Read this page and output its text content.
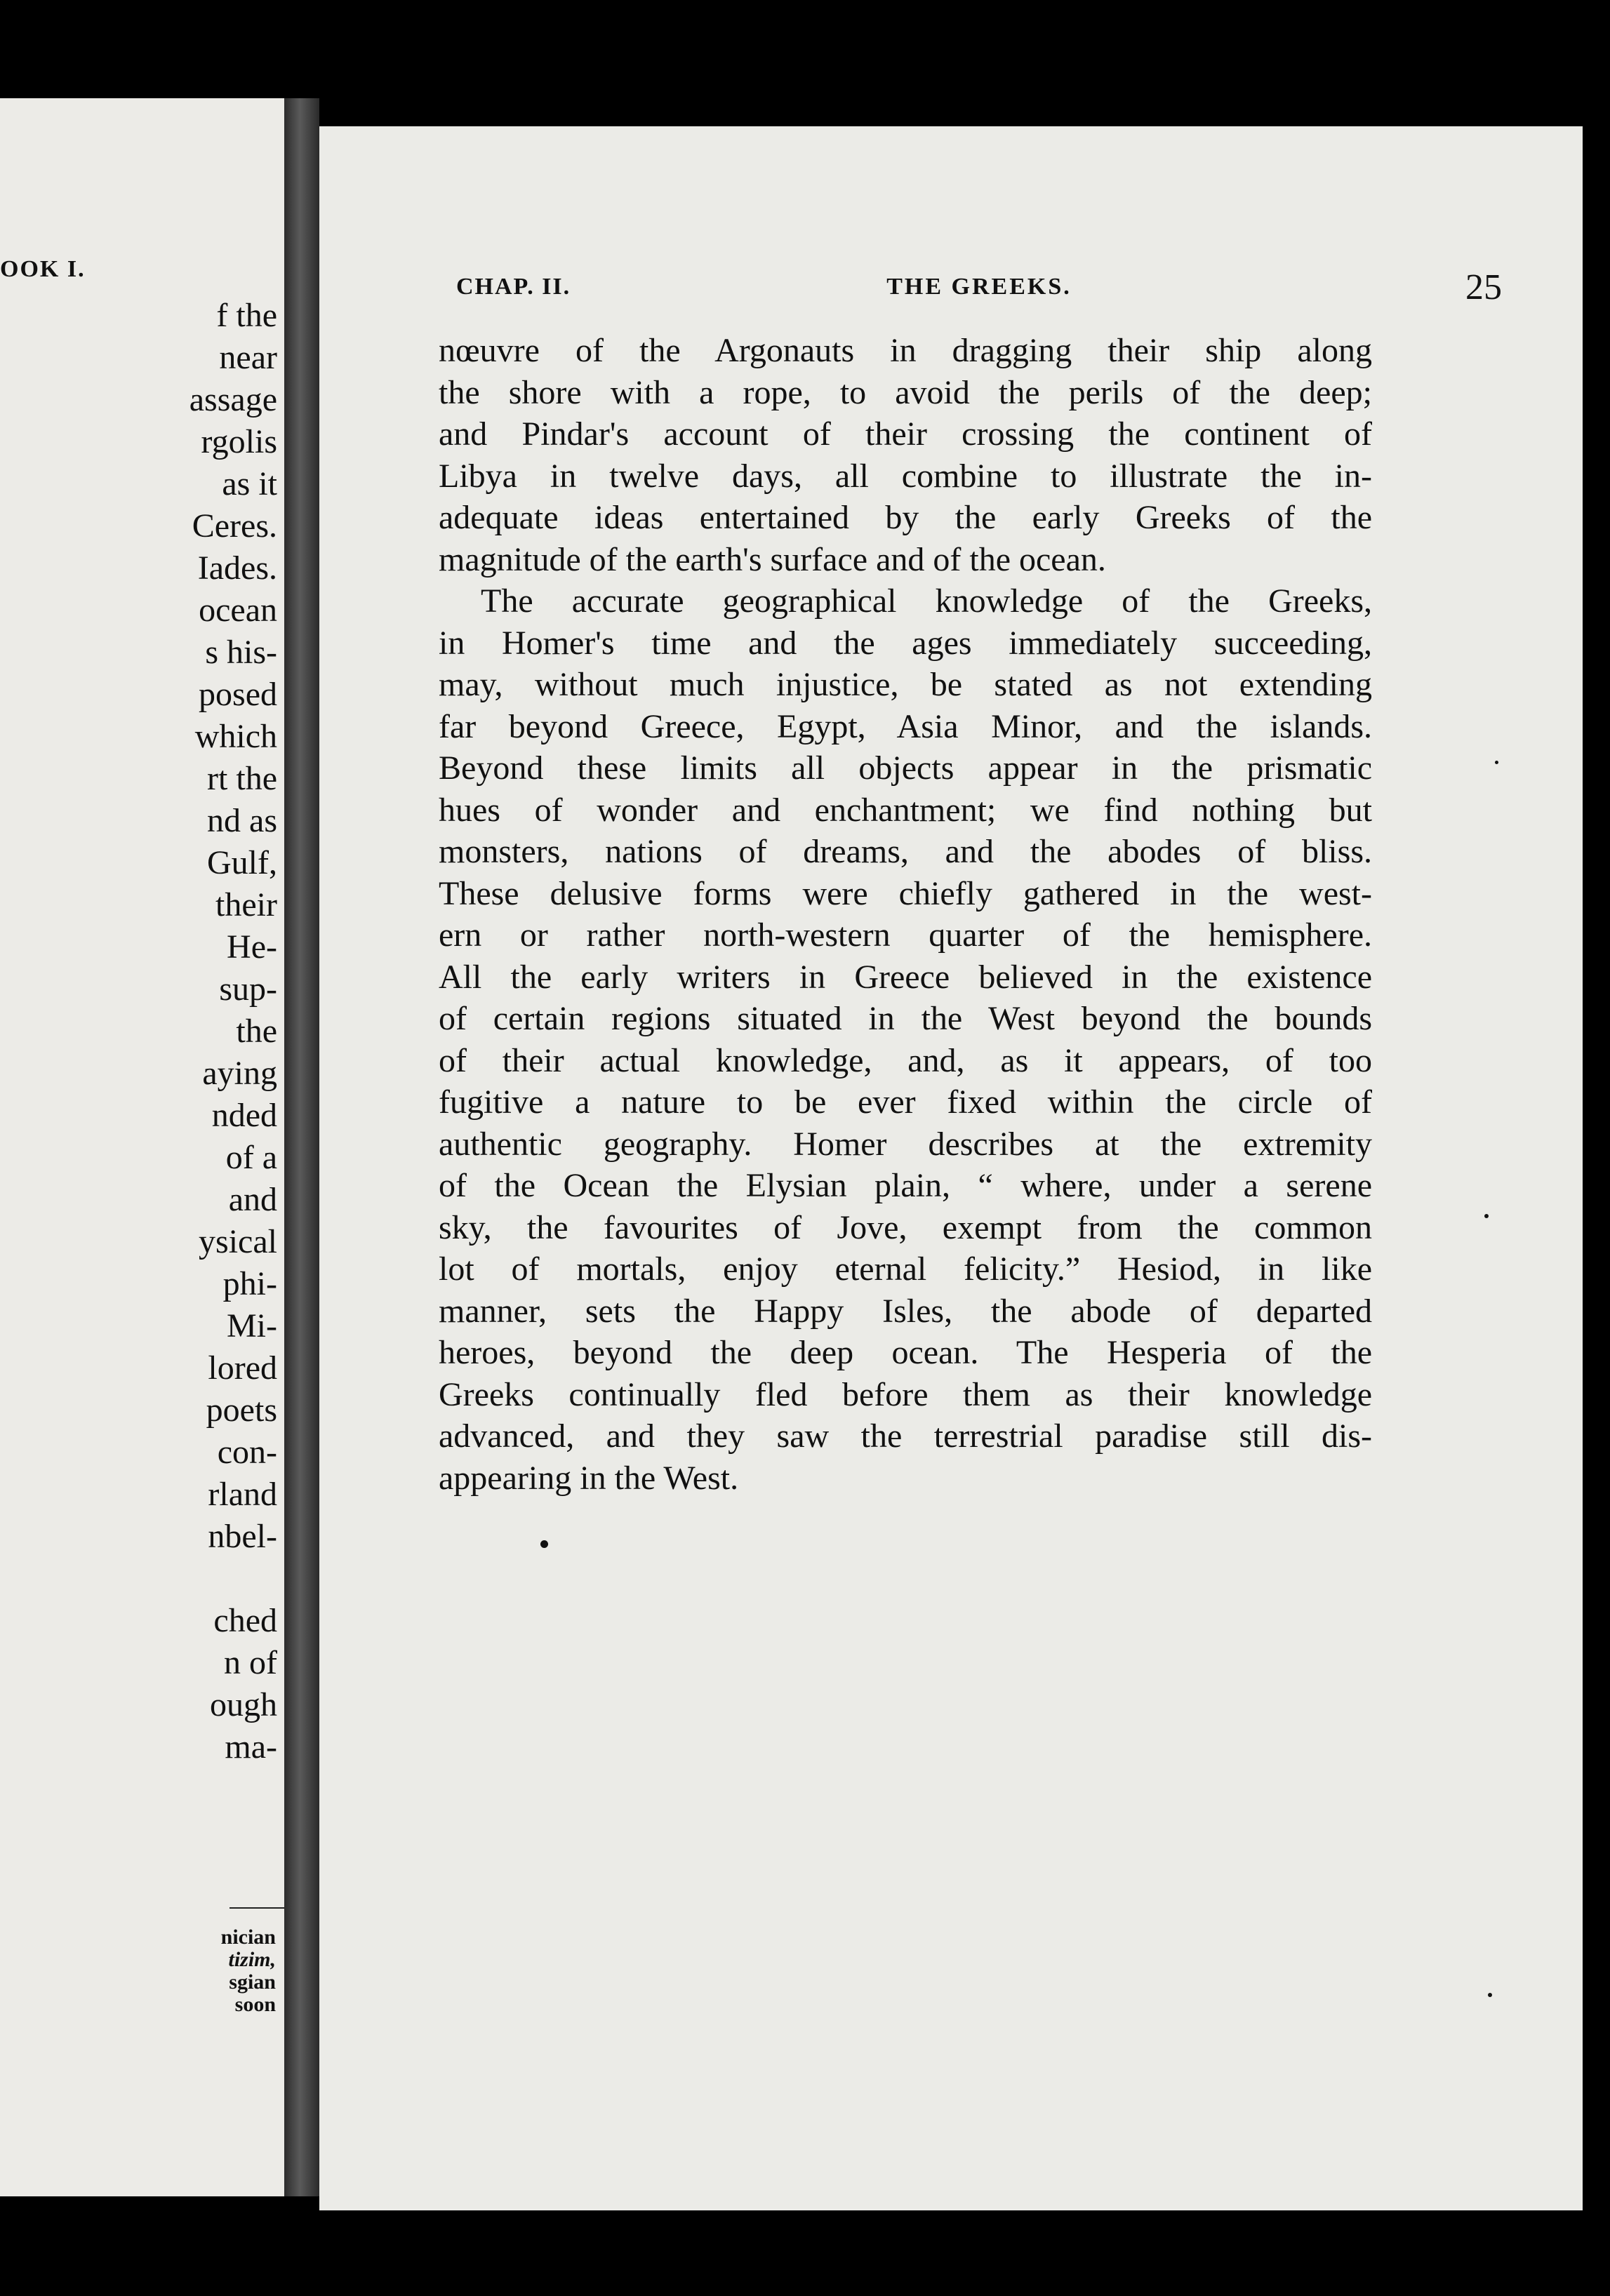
OOK I.
f the
near
assage
rgolis
as it
Ceres.
Iades.
ocean
s his-
posed
which
rt the
nd as
Gulf,
their
He-
sup-
the
aying
nded
of a
and
ysical
phi-
Mi-
lored
poets
con-
rland
nbel-
ched
n of
ough
ma-
nician
tizim,
sgian
soon
CHAP. II.	THE GREEKS.	25
nœuvre of the Argonauts in dragging their ship along
the shore with a rope, to avoid the perils of the deep;
and Pindar's account of their crossing the continent of
Libya in twelve days, all combine to illustrate the in-
adequate ideas entertained by the early Greeks of the
magnitude of the earth's surface and of the ocean.
The accurate geographical knowledge of the Greeks,
in Homer's time and the ages immediately succeeding,
may, without much injustice, be stated as not extending
far beyond Greece, Egypt, Asia Minor, and the islands.
Beyond these limits all objects appear in the prismatic
hues of wonder and enchantment; we find nothing but
monsters, nations of dreams, and the abodes of bliss.
These delusive forms were chiefly gathered in the west-
ern or rather north-western quarter of the hemisphere.
All the early writers in Greece believed in the existence
of certain regions situated in the West beyond the bounds
of their actual knowledge, and, as it appears, of too
fugitive a nature to be ever fixed within the circle of
authentic geography. Homer describes at the extremity
of the Ocean the Elysian plain, “ where, under a serene
sky, the favourites of Jove, exempt from the common
lot of mortals, enjoy eternal felicity.” Hesiod, in like
manner, sets the Happy Isles, the abode of departed
heroes, beyond the deep ocean. The Hesperia of the
Greeks continually fled before them as their knowledge
advanced, and they saw the terrestrial paradise still dis-
appearing in the West.
